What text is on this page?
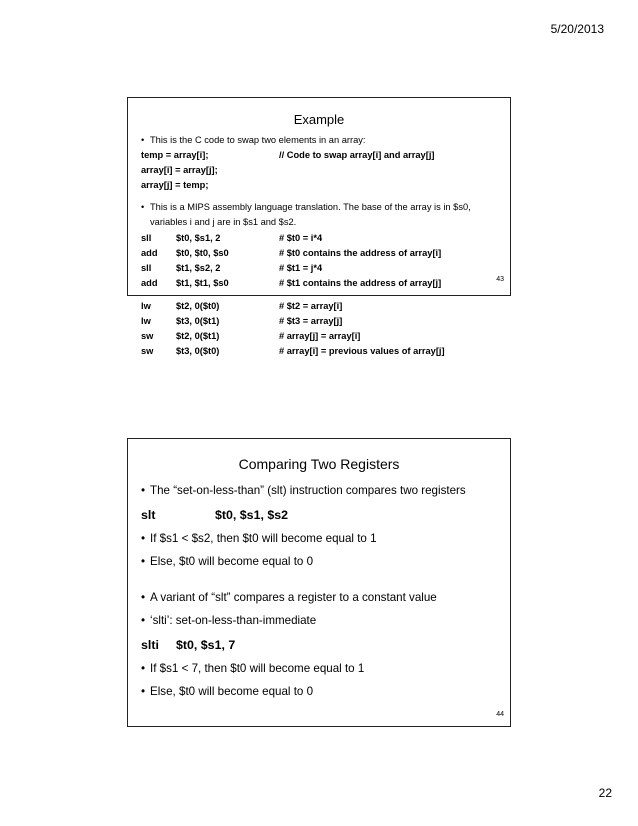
5/20/2013
Example
• This is the C code to swap two elements in an array:
temp = array[i];	// Code to swap array[i] and array[j]
array[i] = array[j];
array[j] = temp;
• This is a MIPS assembly language translation. The base of the array is in $s0, variables i and j are in $s1 and $s2.
sll	$t0, $s1, 2	# $t0 = i*4
add	$t0, $t0, $s0	# $t0 contains the address of array[i]
sll	$t1, $s2, 2	# $t1 = j*4
add	$t1, $t1, $s0	# $t1 contains the address of array[j]
lw	$t2, 0($t0)	# $t2 = array[i]
lw	$t3, 0($t1)	# $t3 = array[j]
sw	$t2, 0($t1)	# array[j] = array[i]
sw	$t3, 0($t0)	# array[i] = previous values of array[j]
43
Comparing Two Registers
• The “set-on-less-than” (slt) instruction compares two registers
slt	$t0, $s1, $s2
• If $s1 < $s2, then $t0 will become equal to 1
• Else, $t0 will become equal to 0
• A variant of “slt” compares a register to a constant value
• ‘slti’: set-on-less-than-immediate
slti	$t0, $s1, 7
• If $s1 < 7, then $t0 will become equal to 1
• Else, $t0 will become equal to 0
44
22
